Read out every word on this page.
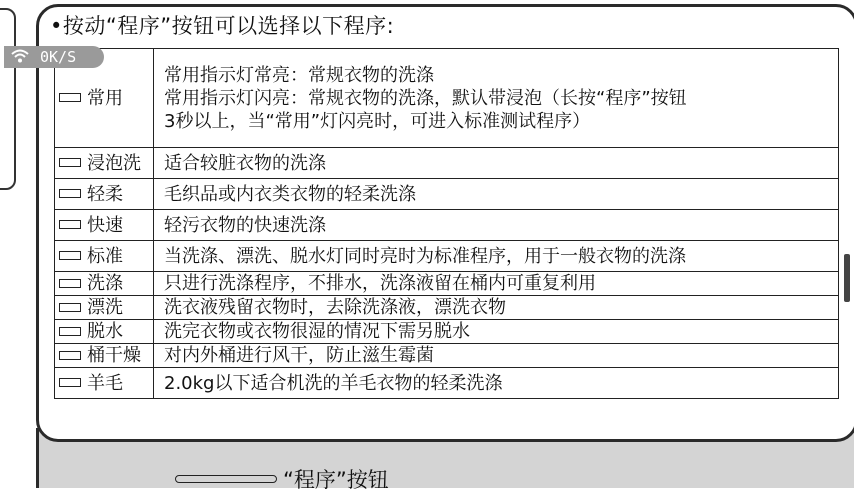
•按动“程序”按钮可以选择以下程序:
常用	常用指示灯常亮：常规衣物的洗涤
常用指示灯闪亮：常规衣物的洗涤，默认带浸泡（长按“程序”按钮
3秒以上，当“常用”灯闪亮时，可进入标准测试程序）

浸泡洗	适合较脏衣物的洗涤
轻柔	毛织品或内衣类衣物的轻柔洗涤
快速	轻污衣物的快速洗涤
标准	当洗涤、漂洗、脱水灯同时亮时为标准程序，用于一般衣物的洗涤
洗涤	只进行洗涤程序，不排水，洗涤液留在桶内可重复利用
漂洗	洗衣液残留衣物时，去除洗涤液，漂洗衣物
脱水	洗完衣物或衣物很湿的情况下需另脱水
桶干燥	对内外桶进行风干，防止滋生霉菌
羊毛	2.0kg以下适合机洗的羊毛衣物的轻柔洗涤
0K/S
“程序”按钮
